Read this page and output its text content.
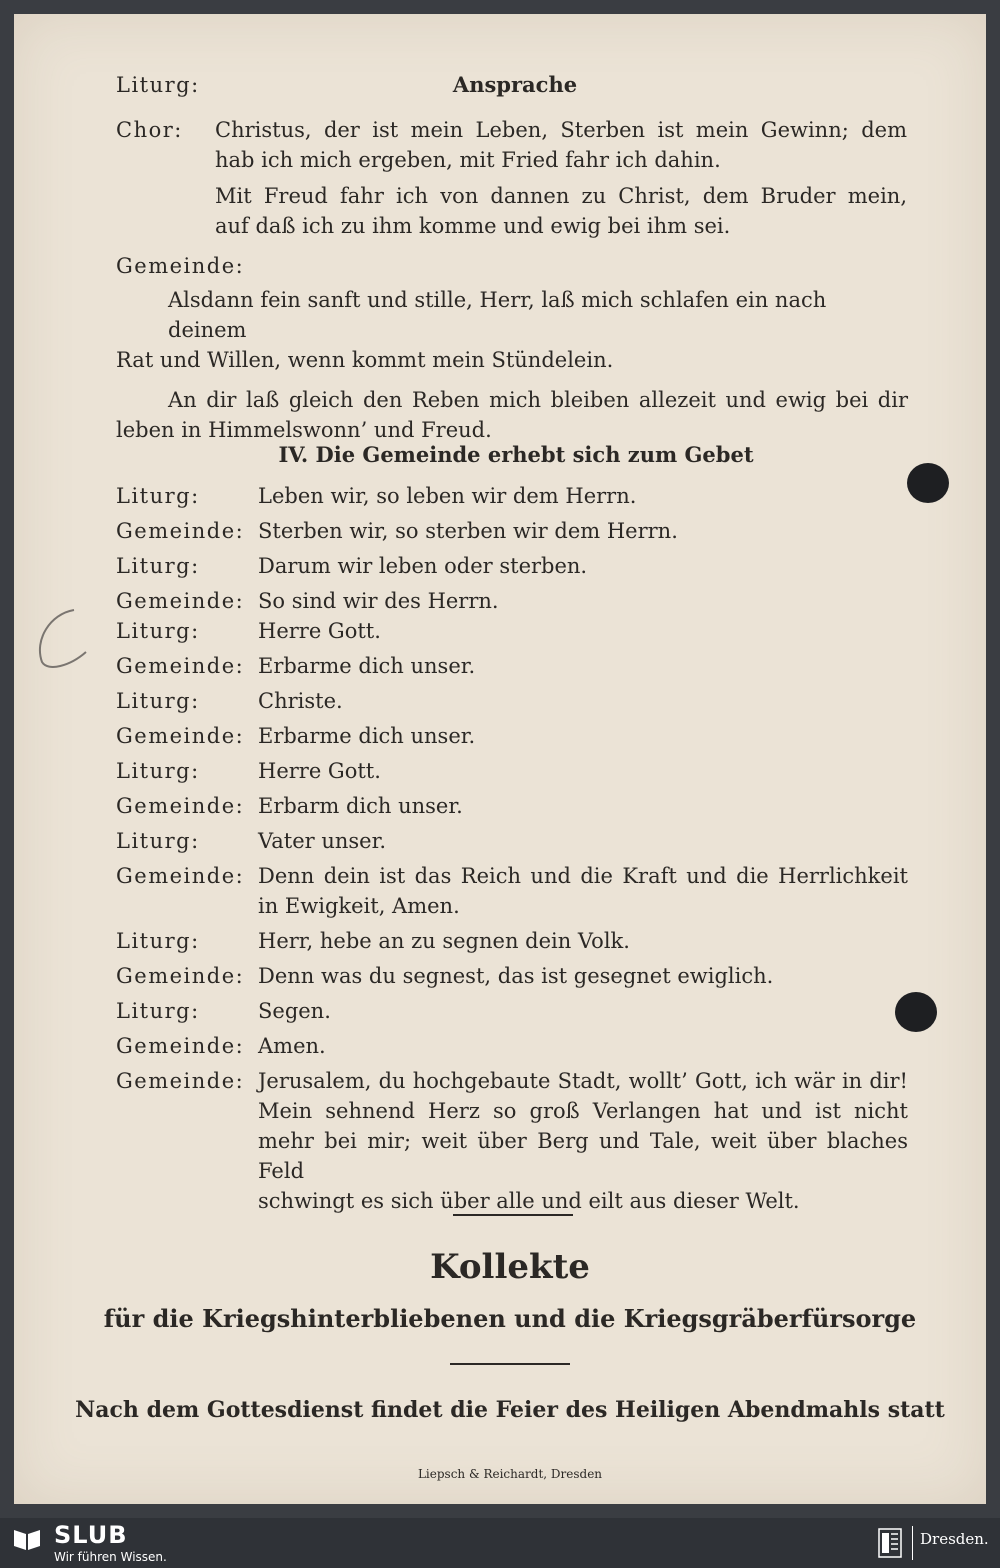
Liturg:	Ansprache
Chor: Christus, der ist mein Leben, Sterben ist mein Gewinn; dem
hab ich mich ergeben, mit Fried fahr ich dahin.
Mit Freud fahr ich von dannen zu Christ, dem Bruder mein,
auf daß ich zu ihm komme und ewig bei ihm sei.
Gemeinde:
Alsdann fein sanft und stille, Herr, laß mich schlafen ein nach deinem
Rat und Willen, wenn kommt mein Stündelein.
An dir laß gleich den Reben mich bleiben allezeit und ewig bei dir
leben in Himmelswonn’ und Freud.
IV. Die Gemeinde erhebt sich zum Gebet
Liturg:	Leben wir, so leben wir dem Herrn.
Gemeinde: Sterben wir, so sterben wir dem Herrn.
Liturg:	Darum wir leben oder sterben.
Gemeinde: So sind wir des Herrn.
Liturg:	Herre Gott.
Gemeinde: Erbarme dich unser.
Liturg:	Christe.
Gemeinde: Erbarme dich unser.
Liturg:	Herre Gott.
Gemeinde: Erbarm dich unser.
Liturg:	Vater unser.
Gemeinde: Denn dein ist das Reich und die Kraft und die Herrlichkeit
in Ewigkeit, Amen.
Liturg:	Herr, hebe an zu segnen dein Volk.
Gemeinde: Denn was du segnest, das ist gesegnet ewiglich.
Liturg:	Segen.
Gemeinde: Amen.
Gemeinde: Jerusalem, du hochgebaute Stadt, wollt’ Gott, ich wär in dir!
Mein sehnend Herz so groß Verlangen hat und ist nicht
mehr bei mir; weit über Berg und Tale, weit über blaches Feld
schwingt es sich über alle und eilt aus dieser Welt.
Kollekte
für die Kriegshinterbliebenen und die Kriegsgräberfürsorge
Nach dem Gottesdienst findet die Feier des Heiligen Abendmahls statt
Liepsch & Reichardt, Dresden
SLUB
Wir führen Wissen.
Dresden.
